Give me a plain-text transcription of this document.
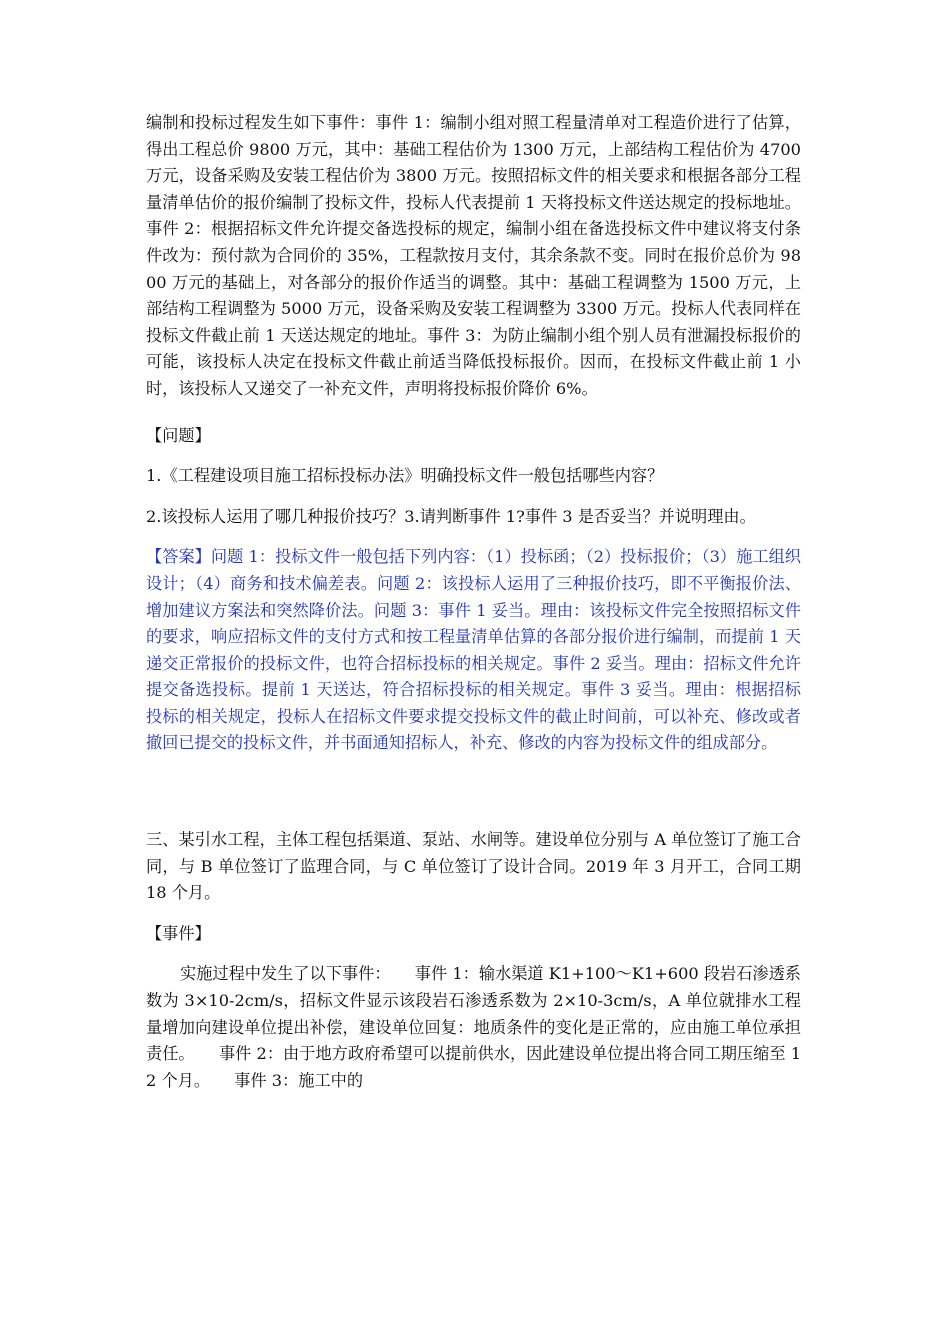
编制和投标过程发生如下事件：事件 1：编制小组对照工程量清单对工程造价进行了估算，得出工程总价 9800 万元，其中：基础工程估价为 1300 万元，上部结构工程估价为 4700 万元，设备采购及安装工程估价为 3800 万元。按照招标文件的相关要求和根据各部分工程量清单估价的报价编制了投标文件，投标人代表提前 1 天将投标文件送达规定的投标地址。事件 2：根据招标文件允许提交备选投标的规定，编制小组在备选投标文件中建议将支付条件改为：预付款为合同价的 35%，工程款按月支付，其余条款不变。同时在报价总价为 9800 万元的基础上，对各部分的报价作适当的调整。其中：基础工程调整为 1500 万元，上部结构工程调整为 5000 万元，设备采购及安装工程调整为 3300 万元。投标人代表同样在投标文件截止前 1 天送达规定的地址。事件 3：为防止编制小组个别人员有泄漏投标报价的可能，该投标人决定在投标文件截止前适当降低投标报价。因而，在投标文件截止前 1 小时，该投标人又递交了一补充文件，声明将投标报价降价 6%。

【问题】

1.《工程建设项目施工招标投标办法》明确投标文件一般包括哪些内容？

2.该投标人运用了哪几种报价技巧？3.请判断事件 1?事件 3 是否妥当？并说明理由。

【答案】问题 1：投标文件一般包括下列内容：（1）投标函；（2）投标报价；（3）施工组织设计；（4）商务和技术偏差表。问题 2：该投标人运用了三种报价技巧，即不平衡报价法、增加建议方案法和突然降价法。问题 3：事件 1 妥当。理由：该投标文件完全按照招标文件的要求，响应招标文件的支付方式和按工程量清单估算的各部分报价进行编制，而提前 1 天递交正常报价的投标文件，也符合招标投标的相关规定。事件 2 妥当。理由：招标文件允许提交备选投标。提前 1 天送达，符合招标投标的相关规定。事件 3 妥当。理由：根据招标投标的相关规定，投标人在招标文件要求提交投标文件的截止时间前，可以补充、修改或者撤回已提交的投标文件，并书面通知招标人，补充、修改的内容为投标文件的组成部分。

三、某引水工程，主体工程包括渠道、泵站、水闸等。建设单位分别与 A 单位签订了施工合同，与 B 单位签订了监理合同，与 C 单位签订了设计合同。2019 年 3 月开工，合同工期 18 个月。

【事件】

实施过程中发生了以下事件：　　事件 1：输水渠道 K1+100～K1+600 段岩石渗透系数为 3×10-2cm/s，招标文件显示该段岩石渗透系数为 2×10-3cm/s，A 单位就排水工程量增加向建设单位提出补偿，建设单位回复：地质条件的变化是正常的，应由施工单位承担责任。　　事件 2：由于地方政府希望可以提前供水，因此建设单位提出将合同工期压缩至 12 个月。　　事件 3：施工中的
